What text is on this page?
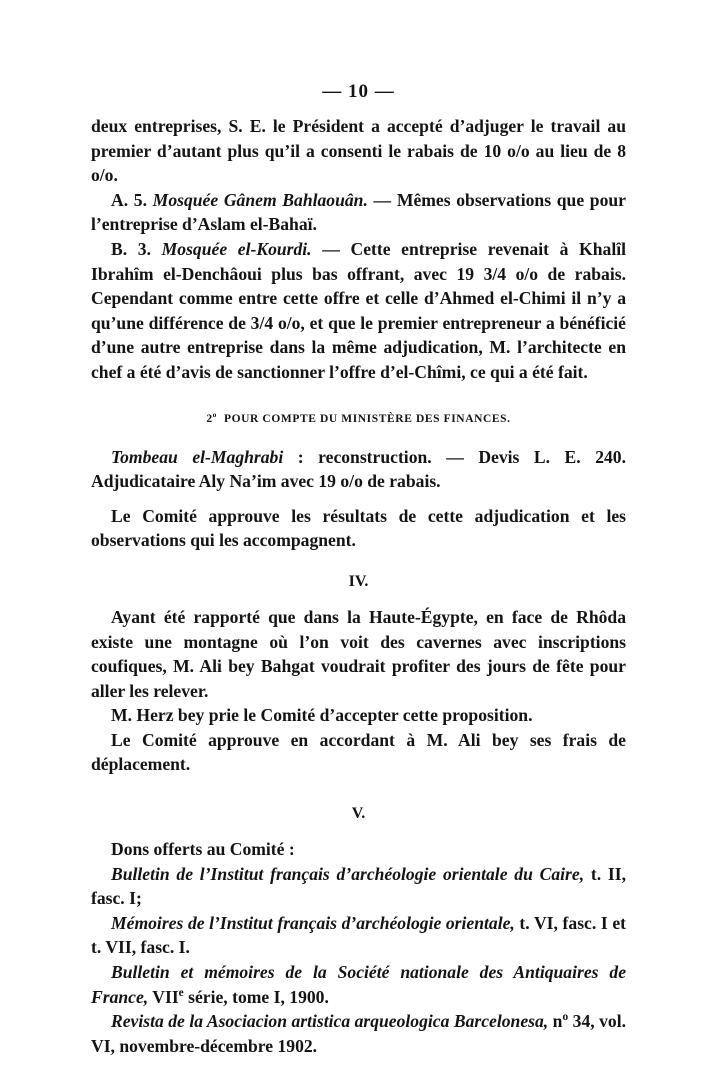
— 10 —

deux entreprises, S. E. le Président a accepté d’adjuger le travail au premier d’autant plus qu’il a consenti le rabais de 10 o/o au lieu de 8 o/o.

A. 5. Mosquée Gânem Bahlaouân. — Mêmes observations que pour l’entreprise d’Aslam el-Bahaï.

B. 3. Mosquée el-Kourdi. — Cette entreprise revenait à Khalîl Ibrahîm el-Denchâoui plus bas offrant, avec 19 3/4 o/o de rabais. Cependant comme entre cette offre et celle d’Ahmed el-Chimi il n’y a qu’une différence de 3/4 o/o, et que le premier entrepreneur a bénéficié d’une autre entreprise dans la même adjudication, M. l’architecte en chef a été d’avis de sanctionner l’offre d’el-Chîmi, ce qui a été fait.

2$^o$ POUR COMPTE DU MINISTÈRE DES FINANCES.

Tombeau el-Maghrabi : reconstruction. — Devis L. E. 240. Adjudicataire Aly Na’im avec 19 o/o de rabais.

Le Comité approuve les résultats de cette adjudication et les observations qui les accompagnent.

IV.

Ayant été rapporté que dans la Haute-Égypte, en face de Rhôda existe une montagne où l’on voit des cavernes avec inscriptions coufiques, M. Ali bey Bahgat voudrait profiter des jours de fête pour aller les relever.

M. Herz bey prie le Comité d’accepter cette proposition.

Le Comité approuve en accordant à M. Ali bey ses frais de déplacement.

V.

Dons offerts au Comité :

Bulletin de l’Institut français d’archéologie orientale du Caire, t. II, fasc. I;

Mémoires de l’Institut français d’archéologie orientale, t. VI, fasc. I et t. VII, fasc. I.

Bulletin et mémoires de la Société nationale des Antiquaires de France, VIIe série, tome I, 1900.

Revista de la Asociacion artistica arqueologica Barcelonesa, $n^o$ 34, vol. VI, novembre-décembre 1902.
